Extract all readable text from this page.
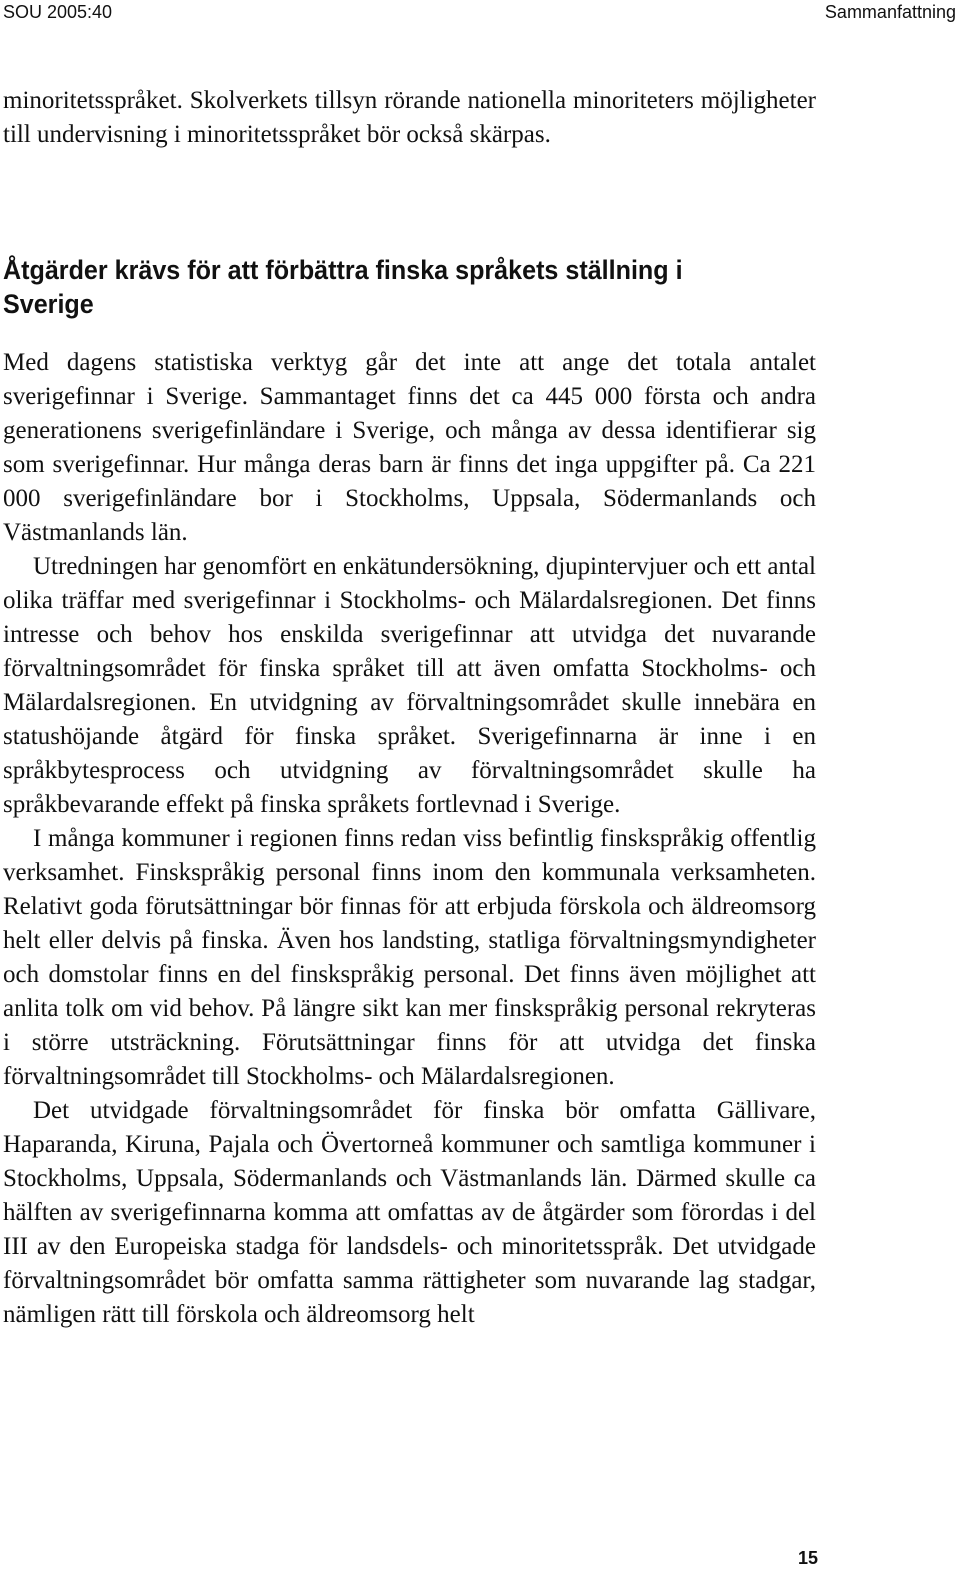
SOU 2005:40	Sammanfattning

minoritetsspråket. Skolverkets tillsyn rörande nationella minoriteters möjligheter till undervisning i minoritetsspråket bör också skärpas.

Åtgärder krävs för att förbättra finska språkets ställning i Sverige

Med dagens statistiska verktyg går det inte att ange det totala antalet sverigefinnar i Sverige. Sammantaget finns det ca 445 000 första och andra generationens sverigefinländare i Sverige, och många av dessa identifierar sig som sverigefinnar. Hur många deras barn är finns det inga uppgifter på. Ca 221 000 sverigefinländare bor i Stockholms, Uppsala, Södermanlands och Västmanlands län.

Utredningen har genomfört en enkätundersökning, djupintervjuer och ett antal olika träffar med sverigefinnar i Stockholms- och Mälardalsregionen. Det finns intresse och behov hos enskilda sverigefinnar att utvidga det nuvarande förvaltningsområdet för finska språket till att även omfatta Stockholms- och Mälardalsregionen. En utvidgning av förvaltningsområdet skulle innebära en statushöjande åtgärd för finska språket. Sverigefinnarna är inne i en språkbytesprocess och utvidgning av förvaltningsområdet skulle ha språkbevarande effekt på finska språkets fortlevnad i Sverige.

I många kommuner i regionen finns redan viss befintlig finskspråkig offentlig verksamhet. Finskspråkig personal finns inom den kommunala verksamheten. Relativt goda förutsättningar bör finnas för att erbjuda förskola och äldreomsorg helt eller delvis på finska. Även hos landsting, statliga förvaltningsmyndigheter och domstolar finns en del finskspråkig personal. Det finns även möjlighet att anlita tolk om vid behov. På längre sikt kan mer finskspråkig personal rekryteras i större utsträckning. Förutsättningar finns för att utvidga det finska förvaltningsområdet till Stockholms- och Mälardalsregionen.

Det utvidgade förvaltningsområdet för finska bör omfatta Gällivare, Haparanda, Kiruna, Pajala och Övertorneå kommuner och samtliga kommuner i Stockholms, Uppsala, Södermanlands och Västmanlands län. Därmed skulle ca hälften av sverigefinnarna komma att omfattas av de åtgärder som förordas i del III av den Europeiska stadga för landsdels- och minoritetsspråk. Det utvidgade förvaltningsområdet bör omfatta samma rättigheter som nuvarande lag stadgar, nämligen rätt till förskola och äldreomsorg helt

15
